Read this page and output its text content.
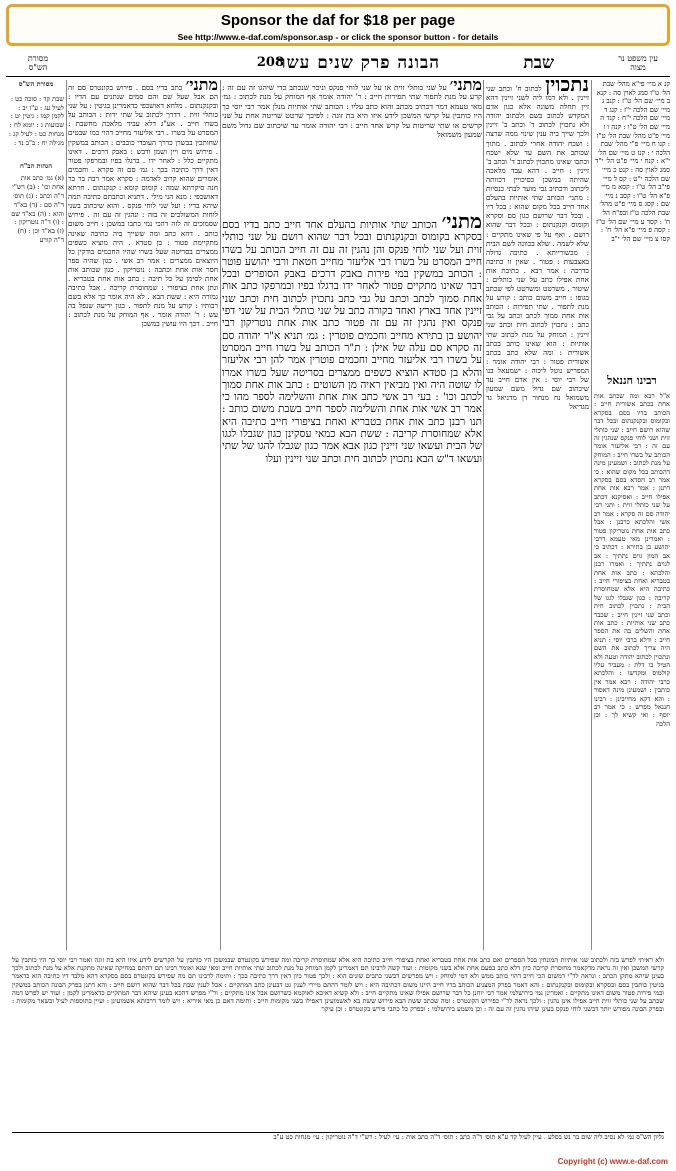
Sponsor the daf for $18 per page
See http://www.e-daf.com/sponsor.asp - or click the sponsor button - for details
עין משפט נר מצוה
208
הבונה פרק שנים עשר	שבת
מסורת הש"ס

קנ א מיי׳ פי"א מהל׳ שבת הל׳ ט"ו סמג לאוין סה : קנא ב מיי׳ שם הל׳ ט"ז : קנב ג מיי׳ שם הלכה י"ז : קנג ד מיי׳ שם הלכה י"ח : קנד ה מיי׳ שם הל׳ ט"ו : קנה ו ז מיי׳ פ"ט מהל׳ שבת הל׳ ט"ז : קנו ח מיי׳ פ"י מהל׳ שבת הלכה י : קנז ט מיי׳ שם הל׳ י"א : קנח י מיי׳ פ"ט הל׳ י"ד סמג לאוין סה : קנט כ מיי׳ שם הלכה י"ט : קס ל מיי׳ פי"ב הל׳ ט"ו : קסא מ מיי׳ פ"א הל׳ ט"ו : קסב נ מיי׳ שם : קסג ס מיי׳ פ"ט מהל׳ שבת הלכה ט"ז ובפ"ח הל׳ ח' : קסד ע מיי׳ שם הל׳ ט"ז : קסה פ מיי׳ פ"א הל׳ ח' : קסו צ מיי׳ שם הל׳ י"ב

רבינו חננאל

א"ל רבא ומה שכתב אות אחת בכתב אשורית חייב : הכותב בדיו בסם בסקרא ובקומוס ובקנקנתום ובכל דבר שהוא רושם חייב : שני כותלי זוית ושני לוחי פנקס שנהגין זה עם זה : רבי אליעזר אומר הכותב על בשרו חייב : המוחק על מנת לכתוב : ושמעינן מינה דהכותב בכל מקום שהוא : כי אמר רב חסדא בסם בסקרא דתנן : אמר רבא אות אחת אפילו חייב : ואסיקנא דכתב על שני כותלי זוית : ותני רבי יהודה סם זה סקרא : אמר רב אשי והלכתא כרבנן : אבל כתב אות אחת נוטריקון פטור : ואמרינן מאי טעמא דרבי יהושע בן בתירא : דכתיב כי אב המון גוים נתתיך : אב לגוים נתתיך : ואמרו רבנן והלכתא : כתב אות אחת בטבריא ואחת בציפורי חייב : כתיבה היא אלא שמחוסרת קריבה : כגון שגבלו לגגו של הבית : נתכוין לכתוב חית וכתב שני זיינין חייב : שכבר כתב שני אותיות : כתב אות אחת והשלים בה את הספר חייב : ודלא כרבי יוסי : תניא היה צריך לכתוב את השם ונתכוין לכתוב יהודה וטעה ולא הטיל בו דלת : מעביר עליו קולמוס ומקדשו : והלכתא כרבי יהודה : רבא אמר אין כותבין : ושמעינן מינה דאסור : והא דקא מחייבינן : רבינו חננאל מפרש : כי אמר רב יוסף : ואי קשיא לך : וכן הלכה

נתכוין לכתוב ח' וכתב שני זיינין . ולא דמו ליה לשני זיינין דהא זיין תחלה משונה אלא כגון אדם המקדש לכתוב בשם ולכתוב יהודה ולא נתכוין לכתוב ד' וכתב ב' זיינין ולכך שייך ביה ענין שינוי ממה שרצה : ושכח יהודה אחרי לכתוב . מתוך שכותב את השם עד שלא ישכח וכתבו שאינו מתכוין לכתוב ד' וכתב ב' זיינין : חייב . דהא עבד מלאכה שהיתה במשכן כסיכויין דכוותה ליכתוב ודכתיב גבי מועד לבתי כנסיות : מתני׳ הכותב שתי אותיות בהעלם אחד חייב בכל מקום שהוא : בכל דיו . ובכל דבר שרושם כגון סם וסקרא וקומוס וקנקנתום : ובכל דבר שהוא רושם . ואף על פי שאינו מתקיים : שלא לשמה . שלא בכוונה לשם הבית : מכשורייתא . כתיבה גדולה באצבעות : פטור . שאין זו כתיבה כדרכה : אמר רבא . כתיבת אות אחת אפילו כתב על שני כותלים : שיטור . משרטט ומשרטט לפי שכתב בגופו : חייב משום כותב : קורע על מנת לתפור . שתי תפירות : הכותב אות אחת סמוך לכתב וכתב על גבי כתב : נתכוין לכתוב חית וכתב שני זיינין : המוחק על מנת לכתוב שתי אותיות : הוא שאינו כותב בכתב אשורית : ומה שלא כתב בכתב אשורית פטור : רבי יהודה אומר : המפריש נוטל ליכוה : ישמעאל בנו של רבי יוסי : אין אדם חייב עד שיכתוב שם גדול משם שמעון משמואל נח מנחור דן מדניאל גד מגדיאל

מתני׳ על שני כותלי זוית או על שני לוחי פנקס וניכר שנכתב כדי שיהגו זה עם זה : קרע על מנת לתפור שתי תפירות חייב : ר' יהודה אומר אף המוחק על מנת לכתוב : גמ׳ מאי טעמא דמר דכתיב מכתב והוא כתב עליו : הכותב שתי אותיות מנלן אמר רבי יוסי כך היו כותבין על קרשי המשכן לידע איזו היא בת זוגה : לפיכך שרטט שריטה אחת על שני קרשים או שתי שריטות על קרש אחד חייב : רבי יהודה אומר עד שיכתוב שם גדול משם שמעון משמואל
מתני׳ הכותב שתי אותיות בהעלם אחד חייב כתב בדיו בסם בסקרא בקומוס ובקנקנתום ובכל דבר שהוא רושם על שני כותלי זוית ועל שני לוחי פנקס והן נהגין זה עם זה חייב הכותב על בשרו חייב המסרט על בשרו רבי אליעזר מחייב חטאת ורבי יהושע פוטר : הכותב במשקין במי פירות באבק דרכים באבק הסופרים ובכל דבר שאינו מתקיים פטור לאחר ידו ברגלו בפיו ובמרפקו כתב אות אחת סמוך לכתב וכתב על גבי כתב נתכוין לכתוב חית וכתב שני זיינין אחד בארץ ואחד בקורה כתב על שני כותלי הבית על שני דפי פנקס ואין נהגין זה עם זה פטור כתב אות אחת נוטריקון רבי יהושע בן בתירא מחייב וחכמים פוטרין : גמ׳ תניא א"ר יהודה סם זה סקרא סם עלה של אילן : ת"ר הכותב על בשרו חייב המסרט על בשרו רבי אליעזר מחייב וחכמים פוטרין אמר להן רבי אליעזר והלא בן סטדא הוציא כשפים ממצרים בסריטה שעל בשרו אמרו לו שוטה היה ואין מביאין ראיה מן השוטים : כתב אות אחת סמוך לכתב וכו' : בעי רב אשי כתב אות אחת והשלימה לספר מהו כי אמר רב אשי אות אחת והשלימה לספר חייב בשבת משום כותב : תנו רבנן כתב אות אחת בטבריא ואחת בציפורי חייב כתיבה היא אלא שמחוסרת קריבה : ששת הבא כמאי עסקינן כגון שגבלו לגגו של הבית ועשאו שני זיינין כגון אבא אמר כגון שגבלו להגו של שתי ועשאו ד"ש הבא נתכוין לכתוב חית וכתב שני זיינין ועלו

מתני׳ כתב בדיו בסם . פירוש בקונטרס סם זה הם אבל שעל שם והם סמים שנתנים עם הדיו : ובקנקנתום . מלחא דאושכפי כדאמרינן בגיטין : על שני כותלי זוית . דדרך לכתוב על שתי ידות : הכותב על בשרו חייב . אע"ג דלא עביד מלאכת מחשבת : המסרט על בשרו . רבי אליעזר מחייב דהוי כמו שבטים שחותכין בבשרן כדרך העובדי כוכבים : הכותב במשקין . פירוש מים ויין ושמן ודבש : באבק דרכים . דאינו מתקיים כלל : לאחר ידו . ברגלו בפיו ובמרפקו פטור דאין דרך כתיבה בכך : גמ׳ סם זה סקרא . וחכמים אומרים שהוא קרוב לאדמה : סקרא אמר רבה בר בר חנה סיקרתא שמה : קומוס קומא : קנקנתום . חרתא דאושכפי : מנא הני מילי . דתניא וכתבתם כתיבה תמה שיהא בדיו : ועל שני לוחי פנקס . והוא שיכתוב בשני לוחות המשולבים זה בזה : ונהגין זה עם זה . פירוש שסמוכים זה לזה דהכי נמי כתבו במשכן : חייב משום כותב . דהא כתב ומה ששייך ביה כתיבה שאינה מתקיימת פטור : בן סטדא . היה מוציא כשפים ממצרים בסריטה שעל בשרו שהיו החכמים בודקין כל היוצאים ממצרים : אמר רב אשי . כגון שהיה ספר חסר אות אחת וכתבה : נוטריקון . כגון שכותב אות אחת לסימן על כל תיבה : כתב אות אחת בטבריא . ונתן אחת בציפורי : שמחוסרת קריבה . אבל כתיבה גמורה היא : ששת הבא . לא היה אומר כך אלא בשם רבותיו : קורע על מנת לתפור . כגון יריעה שנפל בה עש : ר' יהודה אומר . אף המוחק על מנת לכתוב : חייב . דכך היו עושין במשכן

מסורת הש"ס

שבת קד : סוכה כט : לעיל עג : ע"ז יב : לקמן קמו : גיטין יט : שבועות ג : יומא לח : מנחות כט : לעיל קג : מגילה יח : ב"ב נד :

הגהות הב"ח

(א) גמ׳ כתב אות אחת וכו' : (ב) רש"י ד"ה וכתב : (ג) תוס׳ ד"ה סם : (ד) בא"ד והוא : (ה) בא"ד שם : (ו) ד"ה נוטריקון : (ז) בא"ד וכן : (ח) ד"ה קורע

ולא ראיתי לפרש בזה ולכתוב שני אותיות המונחין בכל הספרים ואם כתב אות אחת בטבריא ואחת בציפורי חייב כתיבה היא אלא שמחוסרת קריבה ומה שפירש בקונטרס שבמשכן היו כותבין על הקרשים לידע איזו היא בת זוגה ואמר רבי יוסי כך היו כותבין על קרשי המשכן ואין זה נראה מדקאמר מחוסרת קריבה כיון דלא כתב בפעם אחת אלא בשני מקומות : ועוד קשה לרבינו תם דאמרינן לקמן המוחק על מנת לכתוב שתי אותיות חייב ומאי שנא ואומר רבינו תם דהתם במחיקה שאינה מתקנת אלא על מנת לכתוב ולכך בעינן שיהא מתקן הכתב : ונראה לר"י דמשום הכי חייב דהוי כותב ממש ולא דמי למוחק : ויש מפרשים דבשני כתבים שונים הוא : ולכך פטור כיון דאין דרך כתיבה בכך : ותימה לרבינו תם מה שפירש בקונטרס בסם בסקרא דהא מלבד דיו כתיבה הוא כדאמר בגיטין כותבין בסם ובסקרא ובקומוס ובקנקנתום : והא דאמר בפרק המצניע הכותב בדיו חייב היינו משום דכתיבה היא : ויש לומר דהתם מיירי לענין גט דבעינן כתב המתקיים : אבל לענין שבת בכל דבר שהוא רושם חייב : והא דתנן בפרק הבונה הכותב במשקין ובמי פירות פטור משום דאינו מתקיים : ואמרינן נמי בירושלמי אמר רבי יוחנן כל דבר שרושם אפילו שאינו מתקיים חייב : ולא קשיא דאיכא לאוקמא כשרושם אבל אינו מתקיים : ור"י מפרש דהכא בעינן שיהא דבר המתקיים כדאמרינן לקמן : ועוד יש לפרש דמה שכתב על שני כותלי זוית חייב אפילו אינן נהגין : ולכך נראה לר"י כפירוש הקונטרס : ומה שכתב ששת הבא פירוש ששת בא לאשמועינן דאפילו בשני מקומות חייב : ותימה דאם כן מאי איריא : ויש לומר דרבותא אשמועינן : ועיין בתוספות לעיל ובשאר מקומות : ובפרק הבונה מפורש יותר דבשני לוחי פנקס בעינן שיהו נהגין זה עם זה : וכן משמע בירושלמי : ובפרק כל כתבי פירש בקונטרס : וכן עיקר

גליון הש"ס גמ׳ לא נסיב ליה שום בר נש בסלע . עיין לעיל קד ע"א תוס׳ ד"ה כתב : תוס׳ ד"ה כתב אות : עי׳ לעיל : רש"י ד"ה נוטריקון : עי׳ מנחות כט ע"ב

Copyright (c) www.e-daf.com
